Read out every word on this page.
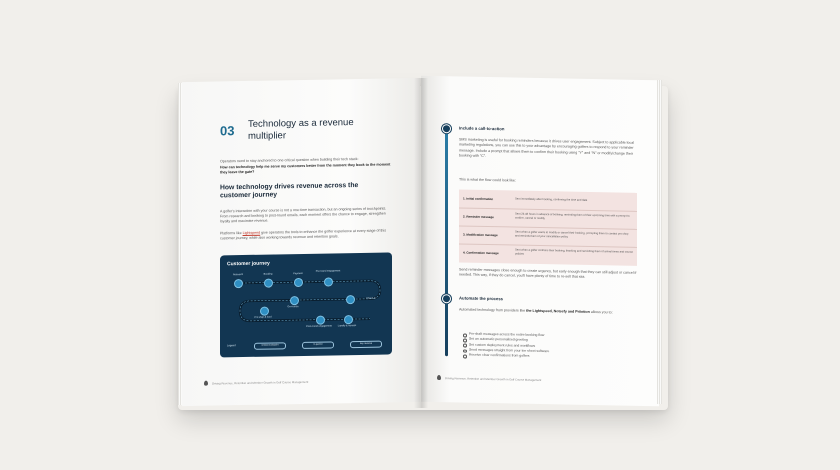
03 Technology as a revenue multiplier
Operators need to stay anchored to one critical question when building their tech stack:
How can technology help me serve my customers better from the moment they book to the moment they leave the gate?
How technology drives revenue across the customer journey
A golfer's interaction with your course is not a one-time transaction, but an ongoing series of touchpoints. From research and booking to post-round emails, each moment offers the chance to engage, strengthen loyalty and maximise revenue.
Platforms like Lightspeed give operators the tools to enhance the golfer experience at every stage of this customer journey, while also working towards revenue and retention goals.
Customer journey
Research	Booking	Payment
Pre-round engagement
Check-in
Pro shop & food
On-course
Post-round engagement	Loyalty & repeats
Legend	Online touchpoint	In-person	Key revenue
Driving Revenue, Retention and Member Growth in Golf Course Management
Include a call-to-action
SMS marketing is useful for booking reminders because it drives user engagement. Subject to applicable local marketing regulations, you can use this to your advantage by encouraging golfers to respond to your reminder message. Include a prompt that allows them to confirm their booking using "Y" and "N" or modify/change their booking with "C".
This is what the flow could look like:
1. Initial confirmation	Sent immediately after booking, confirming the time and date
2. Reminder message	Sent 24-48 hours in advance of booking, reminding them of their upcoming time with a prompt to confirm, cancel or modify
3. Modification message	Sent when a golfer wants to modify or cancel their booking, prompting them to contact pro shop and reminds them of your cancellation policy
4. Confirmation message	Sent when a golfer confirms their booking, thanking and reminding them of arrival times and course policies
Send reminder messages close enough to create urgency, but early enough that they can still adjust or cancel if needed. This way, if they do cancel, you'll have plenty of time to re-sell that slot.
Automate the process
Automated technology from providers like the Lightspeed, Noteefy and Priiotion allows you to:
Pre-draft messages across the entire booking flow
Set an automatic personalised greeting
Set custom deployment rules and workflows
Send messages straight from your tee sheet software
Receive clear confirmations from golfers
Driving Revenue, Retention and Member Growth in Golf Course Management
